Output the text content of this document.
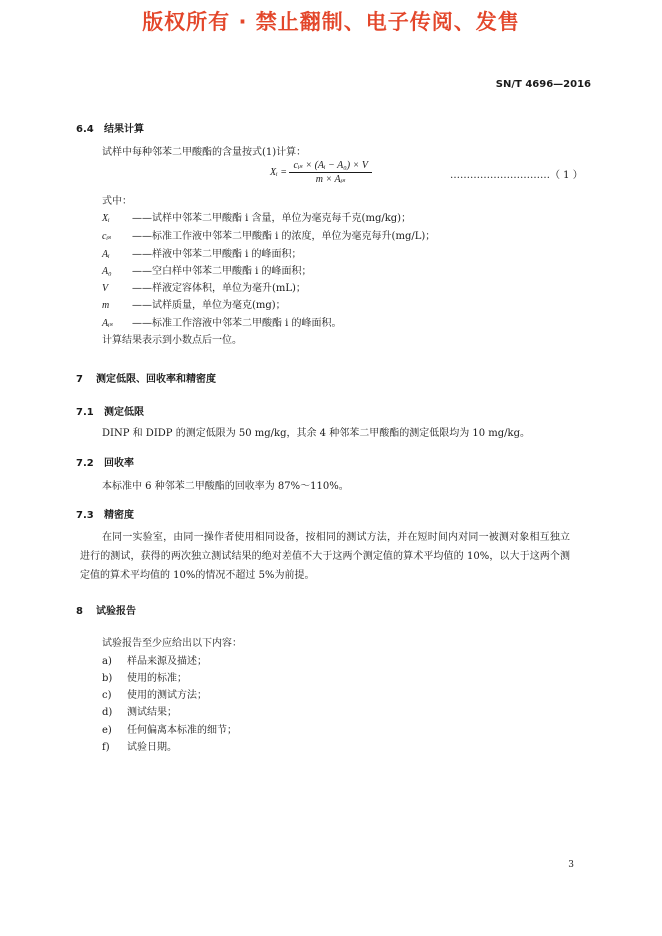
版权所有 · 禁止翻制、电子传阅、发售
SN/T 4696—2016
6.4 结果计算
试样中每种邻苯二甲酸酯的含量按式(1)计算：
Xᵢ = $\frac{\text{cᵢₛ × (Aᵢ − A₀) × V}}{\text{m × Aᵢₛ}}$	…………………………（ 1 ）
式中：
Xᵢ ——试样中邻苯二甲酸酯 i 含量，单位为毫克每千克(mg/kg)；
cᵢₛ ——标准工作液中邻苯二甲酸酯 i 的浓度，单位为毫克每升(mg/L)；
Aᵢ ——样液中邻苯二甲酸酯 i 的峰面积；
A₀ ——空白样中邻苯二甲酸酯 i 的峰面积；
V ——样液定容体积，单位为毫升(mL)；
m ——试样质量，单位为毫克(mg)；
Aᵢₛ ——标准工作溶液中邻苯二甲酸酯 i 的峰面积。
计算结果表示到小数点后一位。
7 测定低限、回收率和精密度
7.1 测定低限
DINP 和 DIDP 的测定低限为 50 mg/kg，其余 4 种邻苯二甲酸酯的测定低限均为 10 mg/kg。
7.2 回收率
本标准中 6 种邻苯二甲酸酯的回收率为 87%～110%。
7.3 精密度
在同一实验室，由同一操作者使用相同设备，按相同的测试方法，并在短时间内对同一被测对象相互独立进行的测试，获得的两次独立测试结果的绝对差值不大于这两个测定值的算术平均值的 10%，以大于这两个测定值的算术平均值的 10%的情况不超过 5%为前提。
8 试验报告
试验报告至少应给出以下内容：
a) 样品来源及描述；
b) 使用的标准；
c) 使用的测试方法；
d) 测试结果；
e) 任何偏离本标准的细节；
f) 试验日期。
3
